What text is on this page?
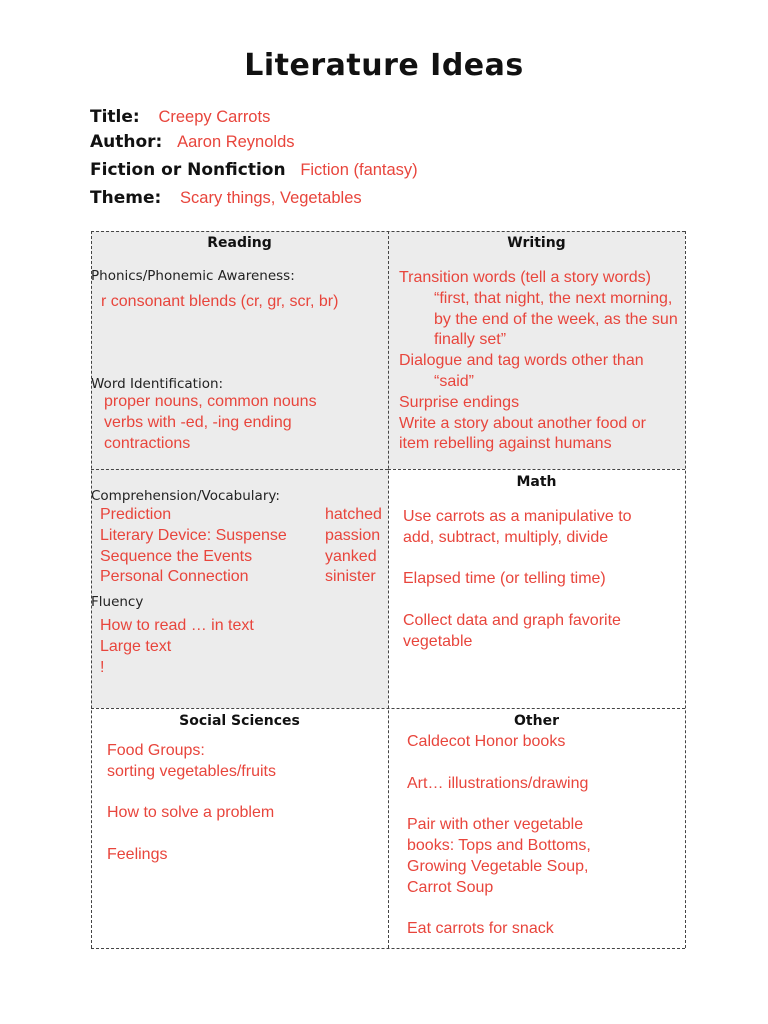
Literature Ideas
Title: Creepy Carrots
Author: Aaron Reynolds
Fiction or Nonfiction Fiction (fantasy)
Theme: Scary things, Vegetables
Reading
Phonics/Phonemic Awareness:
r consonant blends (cr, gr, scr, br)
Word Identification:
proper nouns, common nouns
verbs with -ed, -ing ending
contractions
Comprehension/Vocabulary:
Prediction
Literary Device: Suspense
Sequence the Events
Personal Connection
hatched
passion
yanked
sinister
Fluency
How to read … in text
Large text
!
Writing
Transition words (tell a story words)
“first, that night, the next morning,
by the end of the week, as the sun
finally set”
Dialogue and tag words other than
“said”
Surprise endings
Write a story about another food or
item rebelling against humans
Math
Use carrots as a manipulative to
add, subtract, multiply, divide
Elapsed time (or telling time)
Collect data and graph favorite
vegetable
Social Sciences
Food Groups:
sorting vegetables/fruits
How to solve a problem
Feelings
Other
Caldecot Honor books
Art… illustrations/drawing
Pair with other vegetable
books: Tops and Bottoms,
Growing Vegetable Soup,
Carrot Soup
Eat carrots for snack
